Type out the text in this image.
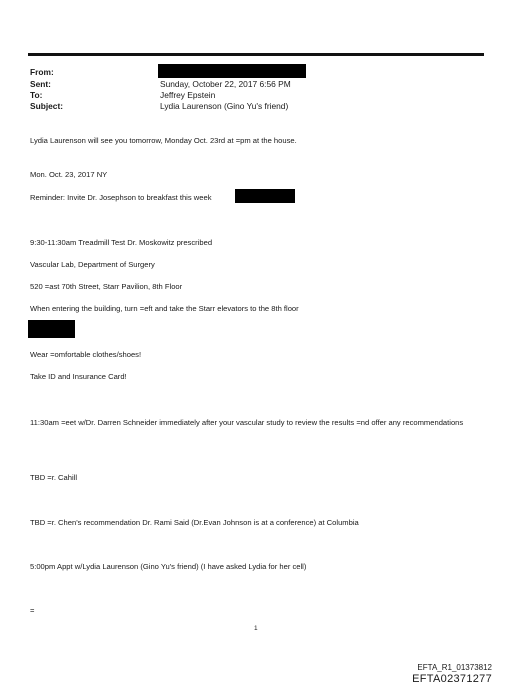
From:
Sent:	Sunday, October 22, 2017 6:56 PM
To:	Jeffrey Epstein
Subject:	Lydia Laurenson (Gino Yu's friend)
Lydia Laurenson will see you tomorrow, Monday Oct. 23rd at =pm at the house.
Mon. Oct. 23, 2017 NY
Reminder: Invite Dr. Josephson to breakfast this week
9:30-11:30am Treadmill Test Dr. Moskowitz prescribed
Vascular Lab, Department of Surgery
520 =ast 70th Street, Starr Pavilion, 8th Floor
When entering the building, turn =eft and take the Starr elevators to the 8th floor
Wear =omfortable clothes/shoes!
Take ID and Insurance Card!
11:30am =eet w/Dr. Darren Schneider immediately after your vascular study to review the results =nd offer any recommendations
TBD =r. Cahill
TBD =r. Chen's recommendation Dr. Rami Said (Dr.Evan Johnson is at a conference) at Columbia
5:00pm Appt w/Lydia Laurenson (Gino Yu's friend) (I have asked Lydia for her cell)
=
1
EFTA_R1_01373812
EFTA02371277
